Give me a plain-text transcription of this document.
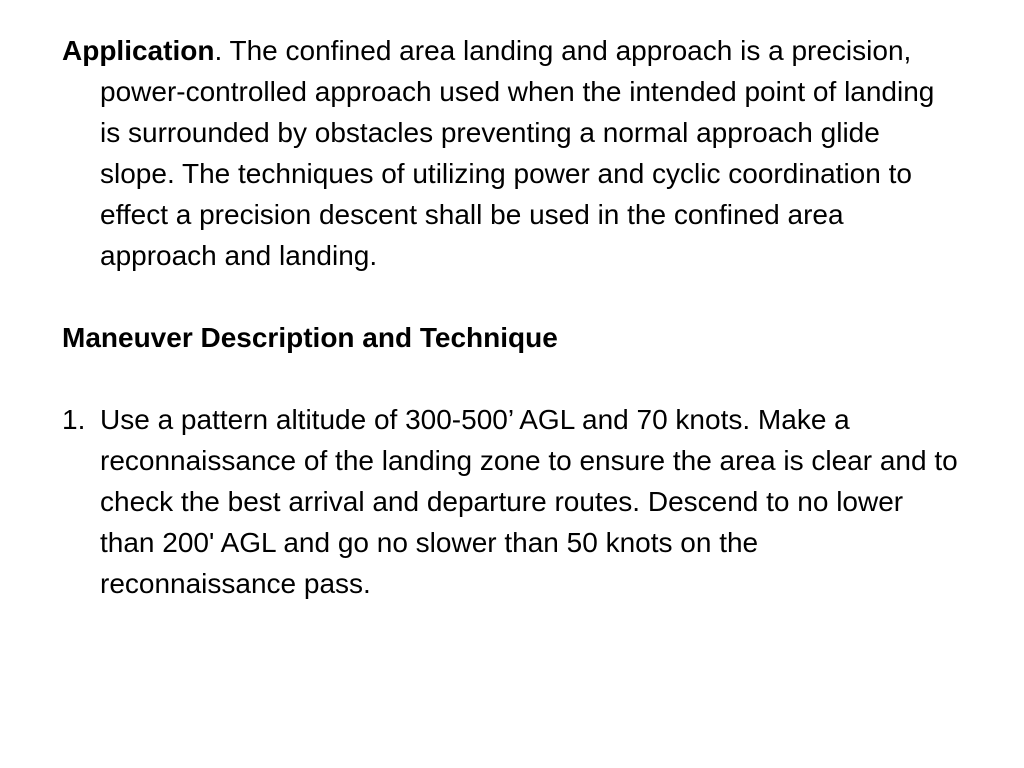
Application. The confined area landing and approach is a precision, power-controlled approach used when the intended point of landing is surrounded by obstacles preventing a normal approach glide slope. The techniques of utilizing power and cyclic coordination to effect a precision descent shall be used in the confined area approach and landing.

Maneuver Description and Technique

1. Use a pattern altitude of 300-500’ AGL and 70 knots. Make a reconnaissance of the landing zone to ensure the area is clear and to check the best arrival and departure routes. Descend to no lower than 200' AGL and go no slower than 50 knots on the reconnaissance pass.
